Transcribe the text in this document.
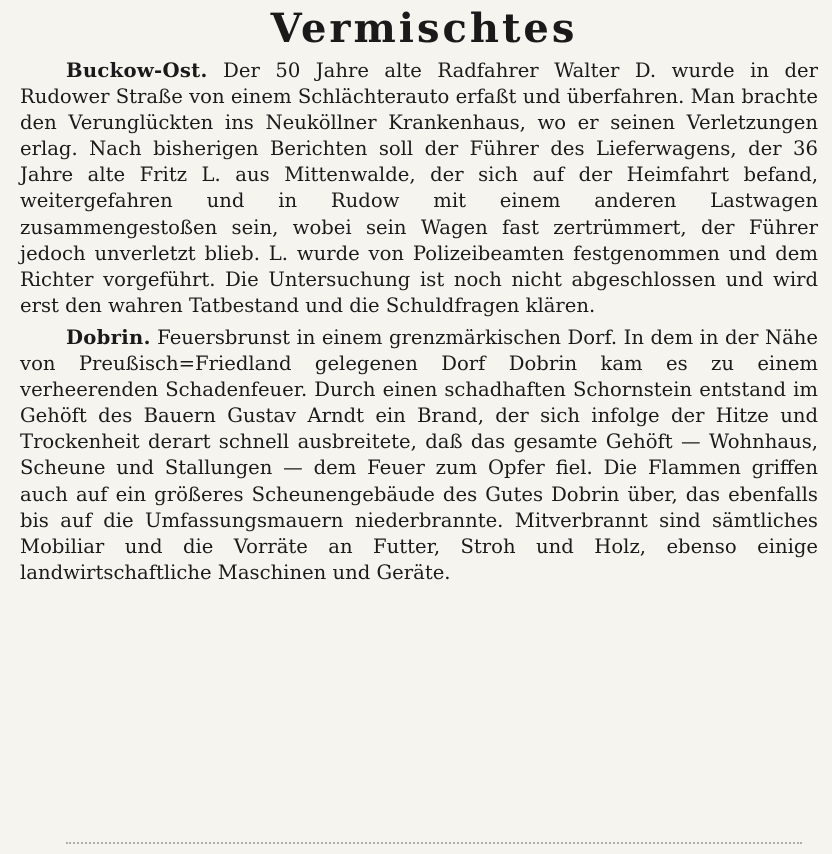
Vermischtes

Buckow-Ost. Der 50 Jahre alte Radfahrer Walter D. wurde in der Rudower Straße von einem Schlächterauto erfaßt und überfahren. Man brachte den Verunglückten ins Neuköllner Krankenhaus, wo er seinen Verletzungen erlag. Nach bisherigen Berichten soll der Führer des Lieferwagens, der 36 Jahre alte Fritz L. aus Mittenwalde, der sich auf der Heimfahrt befand, weitergefahren und in Rudow mit einem anderen Lastwagen zusammengestoßen sein, wobei sein Wagen fast zertrümmert, der Führer jedoch unverletzt blieb. L. wurde von Polizeibeamten festgenommen und dem Richter vorgeführt. Die Untersuchung ist noch nicht abgeschlossen und wird erst den wahren Tatbestand und die Schuldfragen klären.

Dobrin. Feuersbrunst in einem grenzmärkischen Dorf. In dem in der Nähe von Preußisch=Friedland gelegenen Dorf Dobrin kam es zu einem verheerenden Schadenfeuer. Durch einen schadhaften Schornstein entstand im Gehöft des Bauern Gustav Arndt ein Brand, der sich infolge der Hitze und Trockenheit derart schnell ausbreitete, daß das gesamte Gehöft — Wohnhaus, Scheune und Stallungen — dem Feuer zum Opfer fiel. Die Flammen griffen auch auf ein größeres Scheunengebäude des Gutes Dobrin über, das ebenfalls bis auf die Umfassungsmauern niederbrannte. Mitverbrannt sind sämtliches Mobiliar und die Vorräte an Futter, Stroh und Holz, ebenso einige landwirtschaftliche Maschinen und Geräte.
